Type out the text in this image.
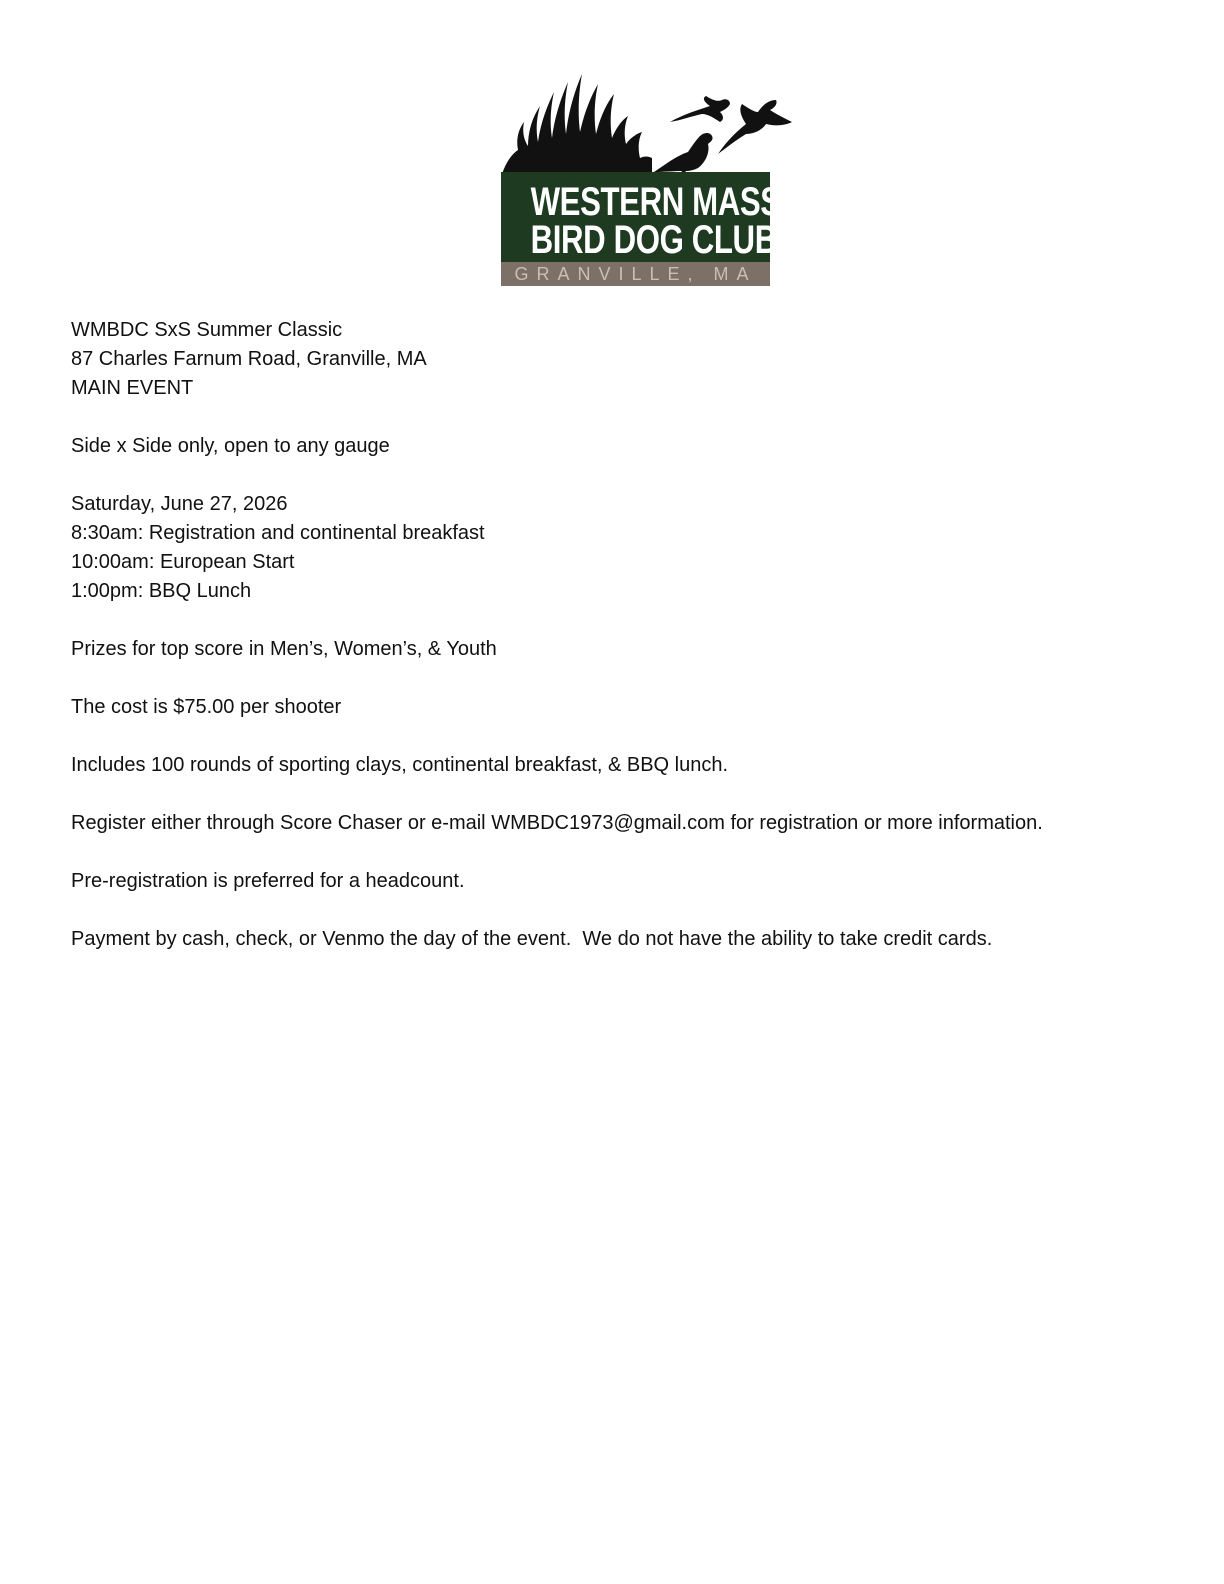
WESTERN MASS
BIRD DOG CLUB
GRANVILLE, MA

WMBDC SxS Summer Classic

87 Charles Farnum Road, Granville, MA

MAIN EVENT

Side x Side only, open to any gauge

Saturday, June 27, 2026

8:30am: Registration and continental breakfast

10:00am: European Start

1:00pm: BBQ Lunch

Prizes for top score in Men’s, Women’s, & Youth

The cost is $75.00 per shooter

Includes 100 rounds of sporting clays, continental breakfast, & BBQ lunch.

Register either through Score Chaser or e-mail WMBDC1973@gmail.com for registration or more information.

Pre-registration is preferred for a headcount.

Payment by cash, check, or Venmo the day of the event.  We do not have the ability to take credit cards.
